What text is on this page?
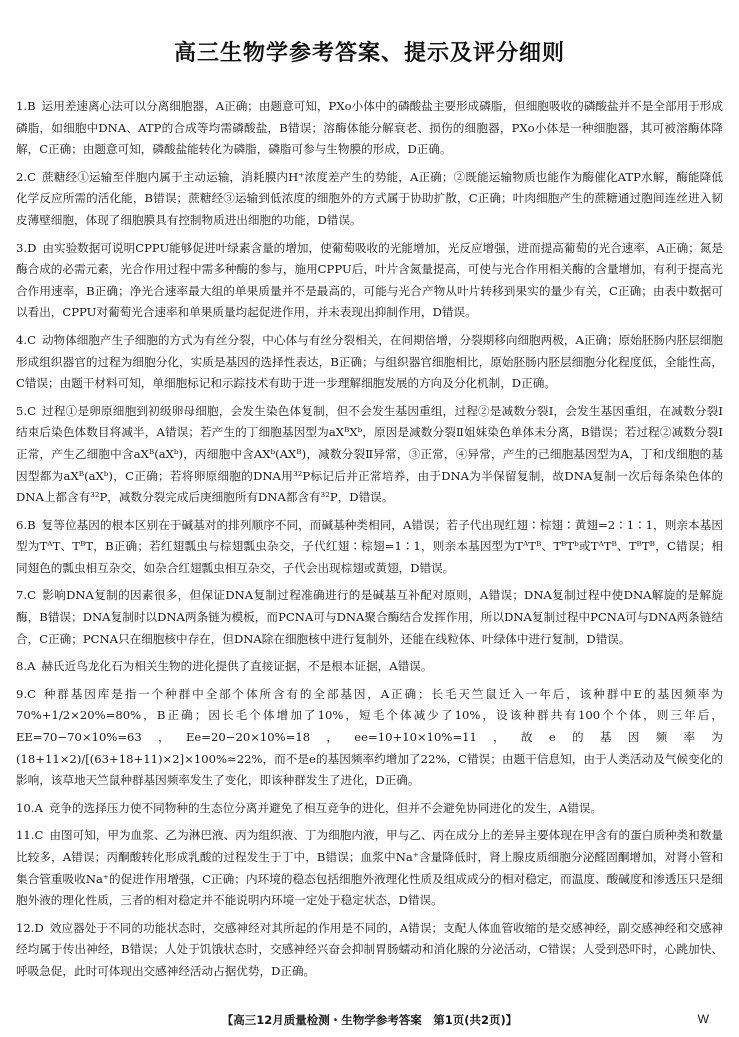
高三生物学参考答案、提示及评分细则
1.B 运用差速离心法可以分离细胞器，A正确；由题意可知，PXo小体中的磷酸盐主要形成磷脂，但细胞吸收的磷酸盐并不是全部用于形成磷脂，如细胞中DNA、ATP的合成等均需磷酸盐，B错误；溶酶体能分解衰老、损伤的细胞器，PXo小体是一种细胞器，其可被溶酶体降解，C正确；由题意可知，磷酸盐能转化为磷脂，磷脂可参与生物膜的形成，D正确。
2.C 蔗糖经①运输至伴胞内属于主动运输，消耗膜内H⁺浓度差产生的势能，A正确；②既能运输物质也能作为酶催化ATP水解，酶能降低化学反应所需的活化能，B错误；蔗糖经③运输到低浓度的细胞外的方式属于协助扩散，C正确；叶肉细胞产生的蔗糖通过胞间连丝进入韧皮薄壁细胞，体现了细胞膜具有控制物质进出细胞的功能，D错误。
3.D 由实验数据可说明CPPU能够促进叶绿素含量的增加，使葡萄吸收的光能增加，光反应增强，进而提高葡萄的光合速率，A正确；氮是酶合成的必需元素，光合作用过程中需多种酶的参与，施用CPPU后，叶片含氮量提高，可使与光合作用相关酶的含量增加，有利于提高光合作用速率，B正确；净光合速率最大组的单果质量并不是最高的，可能与光合产物从叶片转移到果实的量少有关，C正确；由表中数据可以看出，CPPU对葡萄光合速率和单果质量均起促进作用，并未表现出抑制作用，D错误。
4.C 动物体细胞产生子细胞的方式为有丝分裂，中心体与有丝分裂相关，在间期倍增，分裂期移向细胞两极，A正确；原始胚肠内胚层细胞形成组织器官的过程为细胞分化，实质是基因的选择性表达，B正确；与组织器官细胞相比，原始胚肠内胚层细胞分化程度低，全能性高，C错误；由题干材料可知，单细胞标记和示踪技术有助于进一步理解细胞发展的方向及分化机制，D正确。
5.C 过程①是卵原细胞到初级卵母细胞，会发生染色体复制，但不会发生基因重组，过程②是减数分裂Ⅰ，会发生基因重组，在减数分裂Ⅰ结束后染色体数目将减半，A错误；若产生的丁细胞基因型为aXᴮXᵇ，原因是减数分裂Ⅱ姐妹染色单体未分离，B错误；若过程②减数分裂Ⅰ正常，产生乙细胞中含aXᴮ(aXᵇ)，丙细胞中含AXᵇ(AXᴮ)，减数分裂Ⅱ异常，③正常，④异常，产生的己细胞基因型为A，丁和戊细胞的基因型都为aXᴮ(aXᵇ)，C正确；若将卵原细胞的DNA用³²P标记后并正常培养，由于DNA为半保留复制，故DNA复制一次后每条染色体的DNA上都含有³²P，减数分裂完成后庚细胞所有DNA都含有³²P，D错误。
6.B 复等位基因的根本区别在于碱基对的排列顺序不同，而碱基种类相同，A错误；若子代出现红翅∶棕翅∶黄翅=2∶1∶1，则亲本基因型为TᴬT、TᴮT，B正确；若红翅瓢虫与棕翅瓢虫杂交，子代红翅∶棕翅=1∶1，则亲本基因型为TᴬTᴮ、TᴮTᵇ或TᴬTᴮ、TᴮTᴮ，C错误；相同翅色的瓢虫相互杂交，如杂合红翅瓢虫相互杂交，子代会出现棕翅或黄翅，D错误。
7.C 影响DNA复制的因素很多，但保证DNA复制过程准确进行的是碱基互补配对原则，A错误；DNA复制过程中使DNA解旋的是解旋酶，B错误；DNA复制时以DNA两条链为模板，而PCNA可与DNA聚合酶结合发挥作用，所以DNA复制过程中PCNA可与DNA两条链结合，C正确；PCNA只在细胞核中存在，但DNA除在细胞核中进行复制外，还能在线粒体、叶绿体中进行复制，D错误。
8.A 赫氏近鸟龙化石为相关生物的进化提供了直接证据，不是根本证据，A错误。
9.C 种群基因库是指一个种群中全部个体所含有的全部基因，A正确；长毛天竺鼠迁入一年后，该种群中E的基因频率为70%+1/2×20%=80%，B正确；因长毛个体增加了10%，短毛个体减少了10%，设该种群共有100个个体，则三年后，EE=70−70×10%=63，Ee=20−20×10%=18，ee=10+10×10%=11，故e的基因频率为(18+11×2)/[(63+18+11)×2]×100%≈22%，而不是e的基因频率约增加了22%，C错误；由题干信息知，由于人类活动及气候变化的影响，该草地天竺鼠种群基因频率发生了变化，即该种群发生了进化，D正确。
10.A 竞争的选择压力使不同物种的生态位分离并避免了相互竞争的进化，但并不会避免协同进化的发生，A错误。
11.C 由图可知，甲为血浆、乙为淋巴液、丙为组织液、丁为细胞内液，甲与乙、丙在成分上的差异主要体现在甲含有的蛋白质种类和数量比较多，A错误；丙酮酸转化形成乳酸的过程发生于丁中，B错误；血浆中Na⁺含量降低时，肾上腺皮质细胞分泌醛固酮增加，对肾小管和集合管重吸收Na⁺的促进作用增强，C正确；内环境的稳态包括细胞外液理化性质及组成成分的相对稳定，而温度、酸碱度和渗透压只是细胞外液的理化性质，三者的相对稳定并不能说明内环境一定处于稳定状态，D错误。
12.D 效应器处于不同的功能状态时，交感神经对其所起的作用是不同的，A错误；支配人体血管收缩的是交感神经，副交感神经和交感神经均属于传出神经，B错误；人处于饥饿状态时，交感神经兴奋会抑制胃肠蠕动和消化腺的分泌活动，C错误；人受到恐吓时，心跳加快、呼吸急促，此时可体现出交感神经活动占据优势，D正确。
【高三12月质量检测・生物学参考答案　第1页(共2页)】	W
